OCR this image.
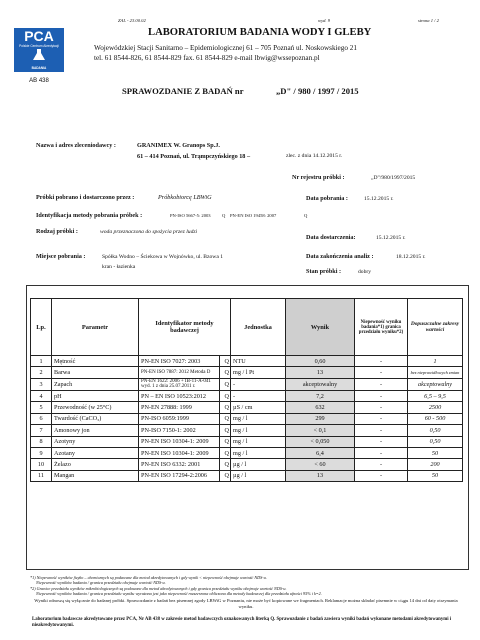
ZAL - 23.00.02	wyd. 9	strona 1 / 2
PCA
Polskie Centrum Akredytacji
BADANIA
AB 438
LABORATORIUM BADANIA WODY I GLEBY
Wojewódzkiej Stacji Sanitarno – Epidemiologicznej 61 – 705 Poznań ul. Noskowskiego 21
tel. 61 8544-826, 61 8544-829 fax. 61 8544-829 e-mail lbwig@wssepoznan.pl
SPRAWOZDANIE Z BADAŃ nr	„D" / 980 / 1997 / 2015
Nazwa i adres zleceniodawcy :	GRANIMEX W. Granops Sp.J.
61 – 414 Poznań, ul. Trąmpczyńskiego 18 –	zlec. z dnia 14.12.2015 r.
Nr rejestru próbki :	„D"/980/1997/2015
Próbki pobrano i dostarczono przez :	Próbkobiorcę LBWiG	Data pobrania :	15.12.2015 r.
Identyfikacja metody pobrania próbek :	PN-ISO 5667-5: 2003 Q PN-EN ISO 19458: 2007	Q
Rodzaj próbki :	woda przeznaczona do spożycia przez ludzi
Data dostarczenia:	15.12.2015 r.
Miejsce pobrania :	Spółka Wodno – Ściekowa w Wojnówko, ul. Bzowa 1
kran - łazienka
Data zakończenia analiz :	18.12.2015 r.
Stan próbki :	dobry
Lp.	Parametr	Identyfikator metody badawczej		Jednostka	Wynik	Niepewność wyniku badania*1) granica przedziału wyniku*2)	Dopuszczalne zakresy wartości
1	Mętność	PN-EN ISO 7027: 2003	Q	NTU	0,60	-	1
2	Barwa	PN-EN ISO 7887: 2012 Metoda D	Q	mg / l Pt	13	-	bez nieprawidłowych zmian
3	Zapach	PN-EN 1622: 2006 + IB-11-A-041 wyd. 1 z dnia 25.07.2011 r.	Q	-	akceptowalny	-	akceptowalny
4	pH	PN – EN ISO 10523:2012	Q	-	7,2	-	6,5 – 9,5
5	Przewodność (w 25°C)	PN-EN 27888: 1999	Q	µS / cm	632	-	2500
6	Twardość (CaCO₃)	PN-ISO 6059:1999	Q	mg / l	299	-	60 - 500
7	Amonowy jon	PN-ISO 7150-1: 2002	Q	mg / l	< 0,1	-	0,50
8	Azotyny	PN-EN ISO 10304-1: 2009	Q	mg / l	< 0,050	-	0,50
9	Azotany	PN-EN ISO 10304-1: 2009	Q	mg / l	6,4	-	50
10	Żelazo	PN-EN ISO 6332: 2001	Q	µg / l	< 60	-	200
11	Mangan	PN-EN ISO 17294-2:2006	Q	µg / l	13	-	50
*1) Niepewność wyników fizyko – chemicznych są podawane dla metod akredytowanych i gdy wynik < niepewność obejmuje wartość NDS-u.
Niepewność wyników badania / granica przedziału obejmuje wartość NDS-u.
*2) Granice przedziału wyników mikrobiologicznych są podawane dla metod akredytowanych i gdy granica przedziału wyniku obejmuje wartość NDS-u.
Niepewność wyników badania / granica przedziału wyniku wyrażona jest jako niepewność rozszerzona obliczona dla metody badawczej dla przedziału ufności 95% i k=2.
Wyniki odnoszą się wyłącznie do badanej próbki. Sprawozdanie z badań bez pisemnej zgody LBWiG w Poznaniu, nie może być kopiowane we fragmentach. Reklamacje można składać pisemnie w ciągu 14 dni od daty otrzymania wyniku.
Laboratorium badawcze akredytowane przez PCA, Nr AB 438 w zakresie metod badawczych oznakowanych literką Q. Sprawozdanie z badań zawiera wyniki badań wykonane metodami akredytowanymi i nieakredytowanymi.
